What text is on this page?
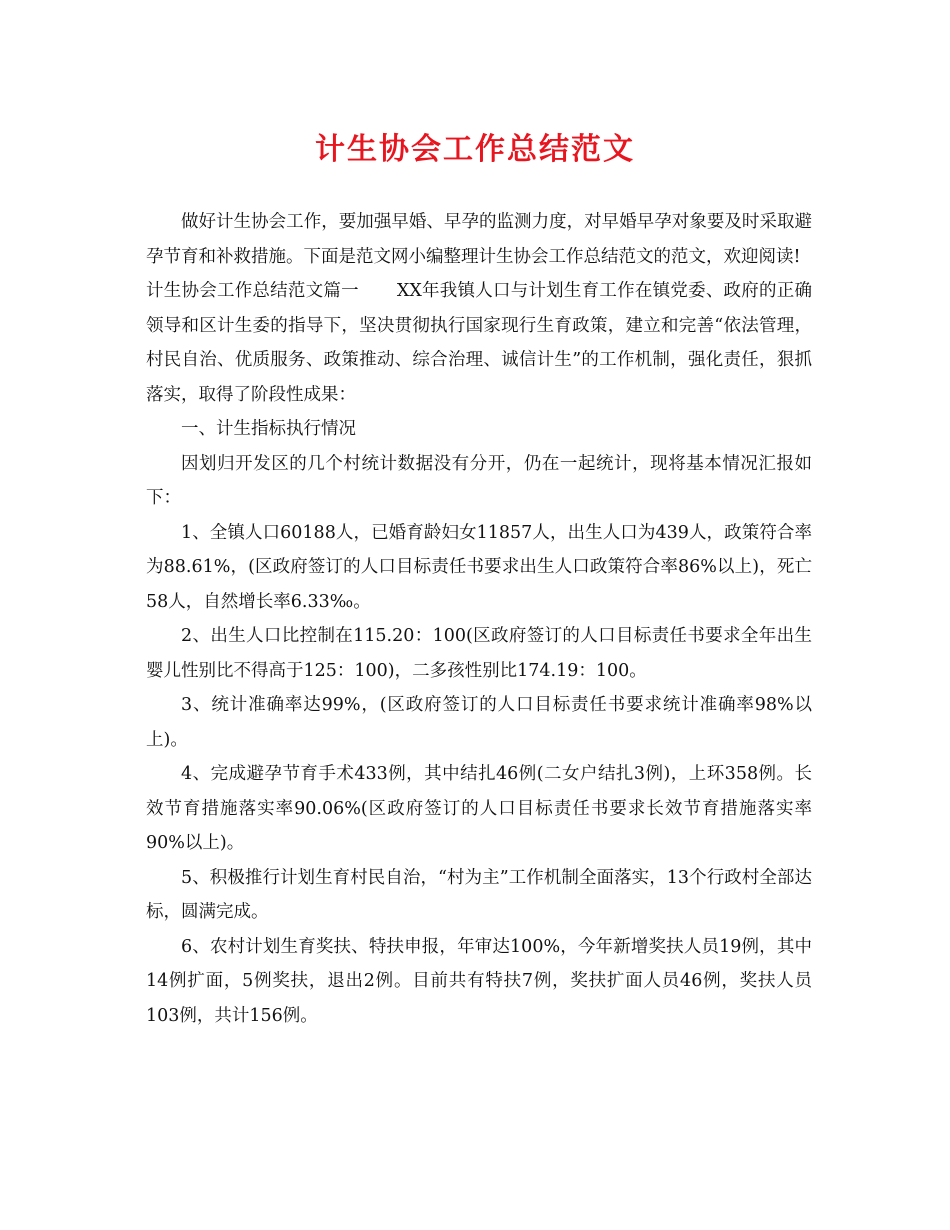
计生协会工作总结范文

做好计生协会工作，要加强早婚、早孕的监测力度，对早婚早孕对象要及时采取避孕节育和补救措施。下面是范文网小编整理计生协会工作总结范文的范文，欢迎阅读!

计生协会工作总结范文篇一 XX年我镇人口与计划生育工作在镇党委、政府的正确领导和区计生委的指导下，坚决贯彻执行国家现行生育政策，建立和完善“依法管理，村民自治、优质服务、政策推动、综合治理、诚信计生”的工作机制，强化责任，狠抓落实，取得了阶段性成果：

一、计生指标执行情况

因划归开发区的几个村统计数据没有分开，仍在一起统计，现将基本情况汇报如下：

1、全镇人口60188人，已婚育龄妇女11857人，出生人口为439人，政策符合率为88.61%，(区政府签订的人口目标责任书要求出生人口政策符合率86%以上)，死亡58人，自然增长率6.33‰。

2、出生人口比控制在115.20：100(区政府签订的人口目标责任书要求全年出生婴儿性别比不得高于125：100)，二多孩性别比174.19：100。

3、统计准确率达99%，(区政府签订的人口目标责任书要求统计准确率98%以上)。

4、完成避孕节育手术433例，其中结扎46例(二女户结扎3例)，上环358例。长效节育措施落实率90.06%(区政府签订的人口目标责任书要求长效节育措施落实率90%以上)。

5、积极推行计划生育村民自治，“村为主”工作机制全面落实，13个行政村全部达标，圆满完成。

6、农村计划生育奖扶、特扶申报，年审达100%，今年新增奖扶人员19例，其中14例扩面，5例奖扶，退出2例。目前共有特扶7例，奖扶扩面人员46例，奖扶人员103例，共计156例。
